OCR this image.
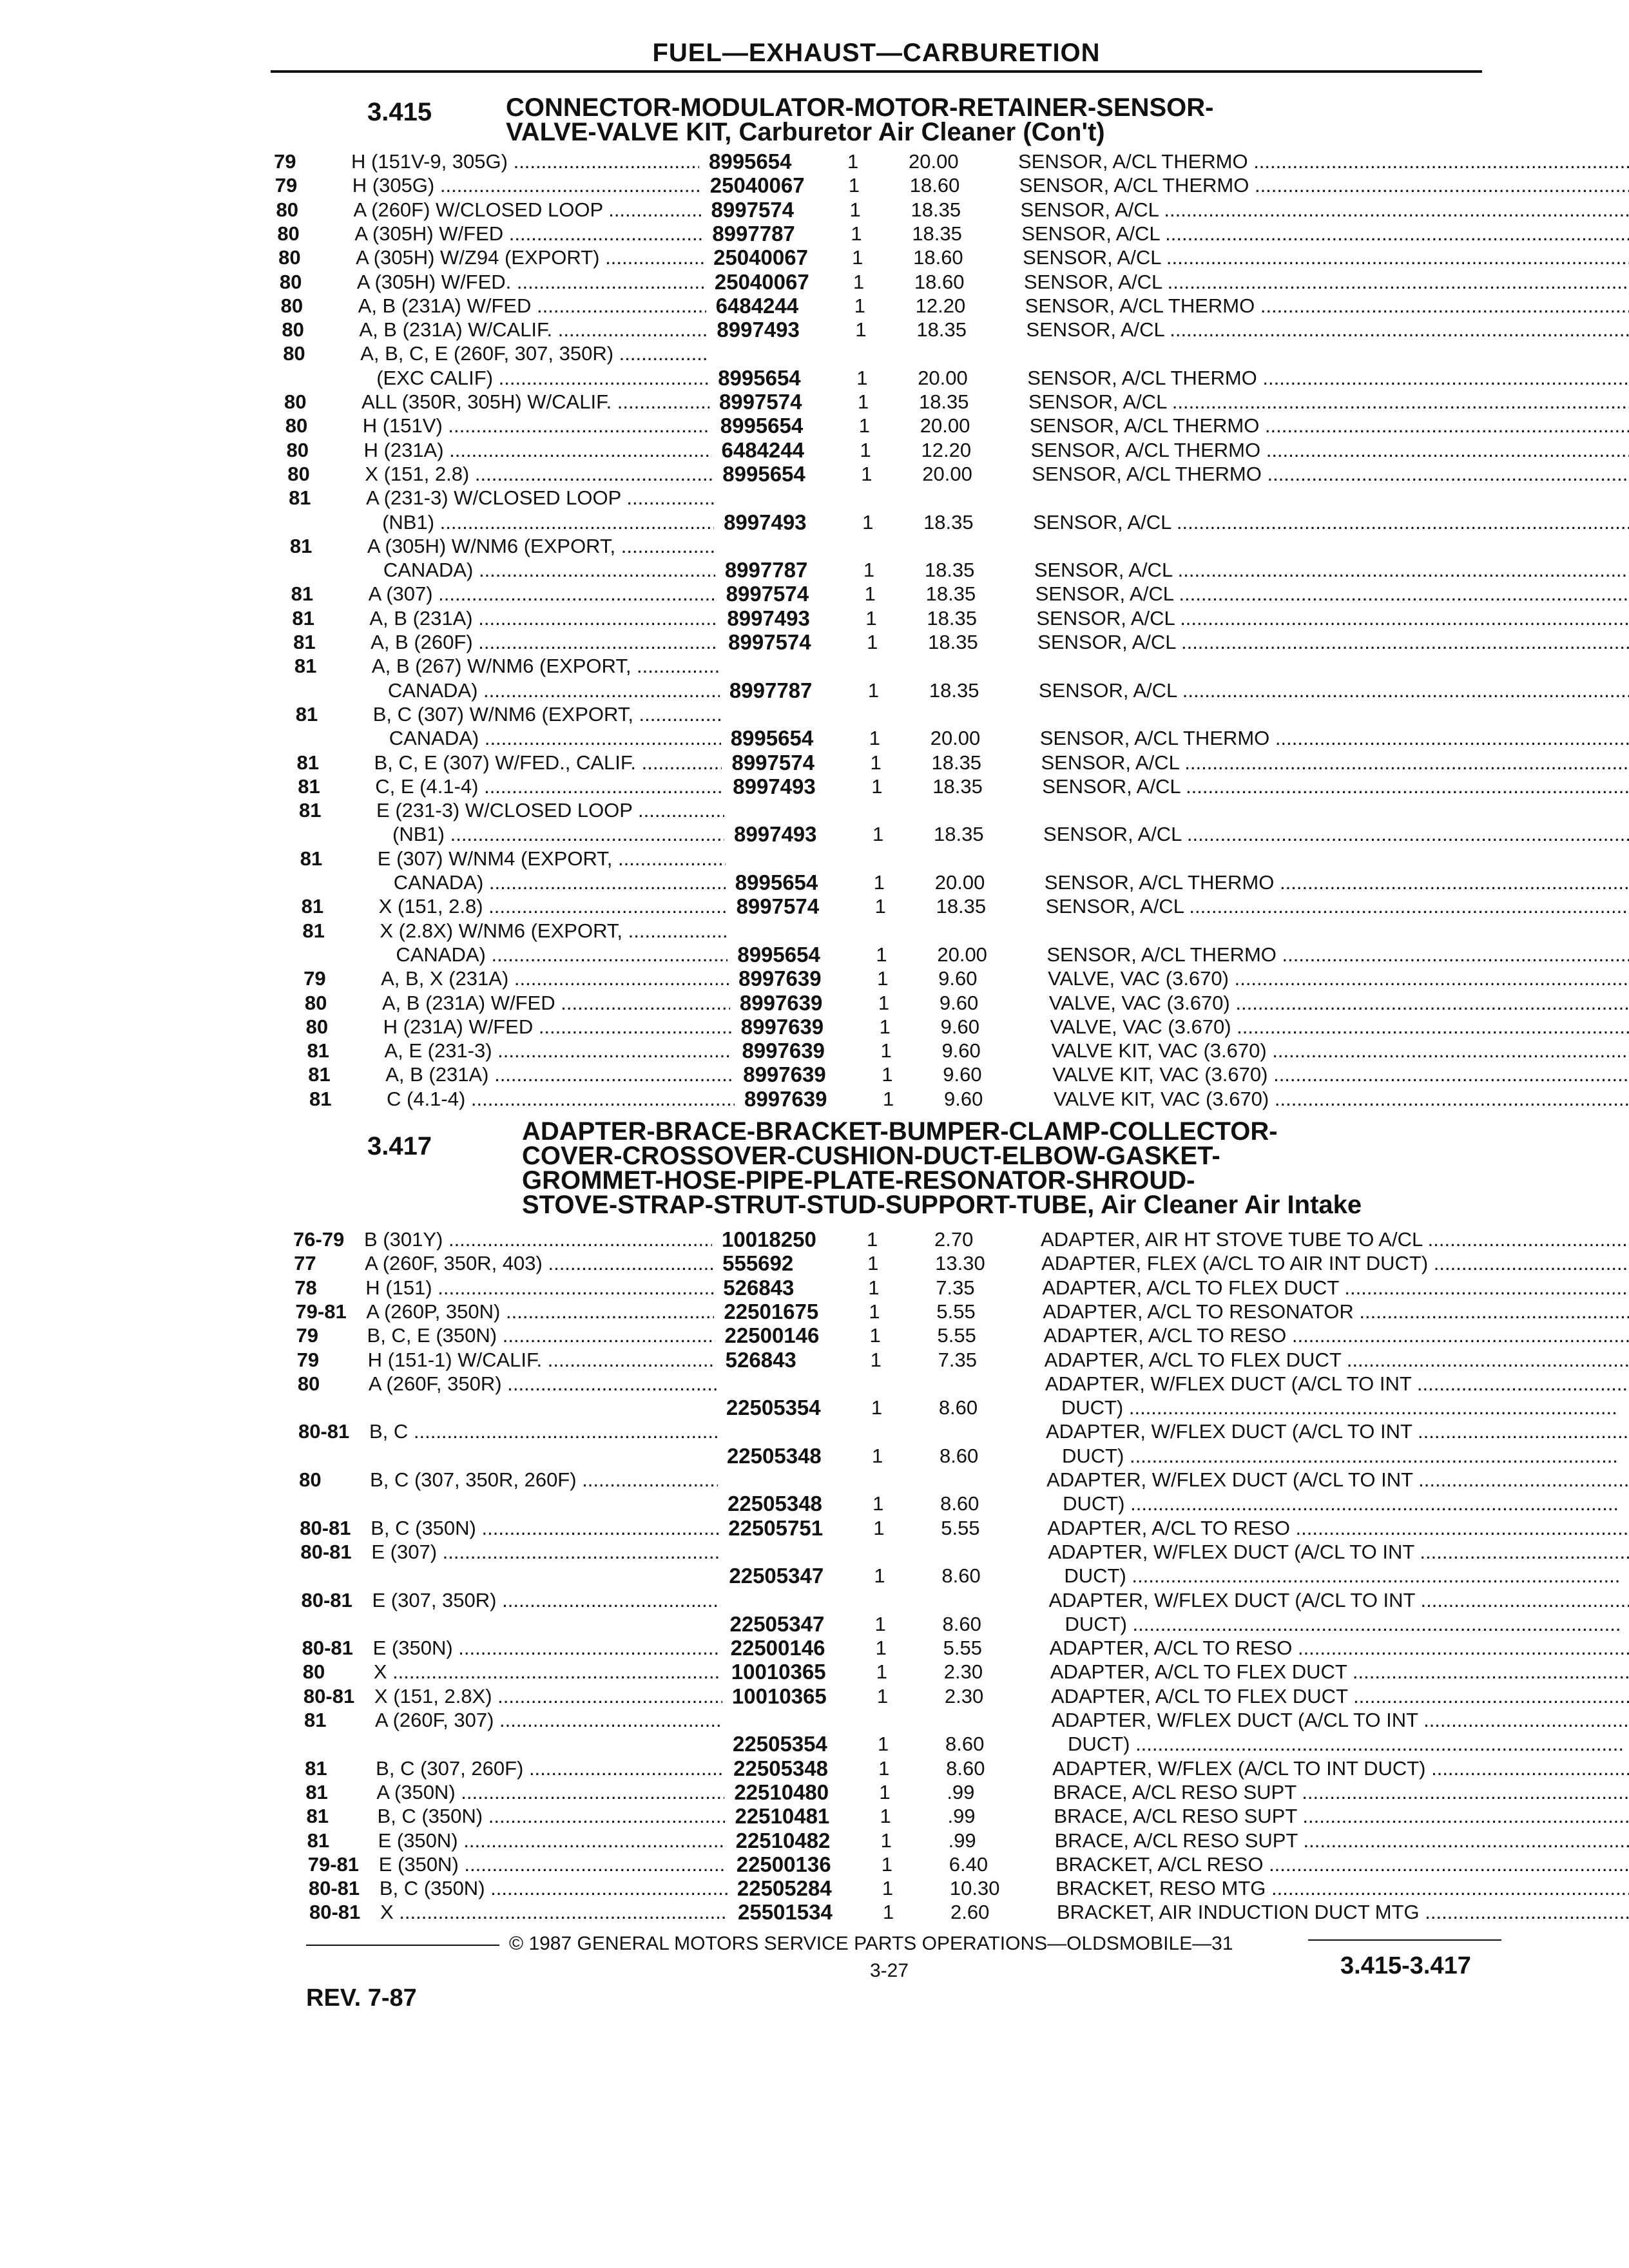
FUEL—EXHAUST—CARBURETION
3.415	CONNECTOR-MODULATOR-MOTOR-RETAINER-SENSOR-
VALVE-VALVE KIT, Carburetor Air Cleaner (Con't)
79	H (151V-9, 305G) .....	8995654	1	20.00	SENSOR, A/CL THERMO .....
79	H (305G) .....	25040067 1	18.60	SENSOR, A/CL THERMO .....
80	A (260F) W/CLOSED LOOP .....	8997574	1	18.35	SENSOR, A/CL .....
80	A (305H) W/FED .....	8997787	1	18.35	SENSOR, A/CL .....
80	A (305H) W/Z94 (EXPORT) .....	25040067 1	18.60	SENSOR, A/CL .....
80	A (305H) W/FED. .....	25040067 1	18.60	SENSOR, A/CL .....
80	A, B (231A) W/FED .....	6484244	1	12.20	SENSOR, A/CL THERMO .....
80	A, B (231A) W/CALIF. .....	8997493	1	18.35	SENSOR, A/CL .....
80	A, B, C, E (260F, 307, 350R) .....
(EXC CALIF) .....	8995654	1	20.00	SENSOR, A/CL THERMO .....
80	ALL (350R, 305H) W/CALIF. .....	8997574	1	18.35	SENSOR, A/CL .....
80	H (151V) .....	8995654	1	20.00	SENSOR, A/CL THERMO .....
80	H (231A) .....	6484244	1	12.20	SENSOR, A/CL THERMO .....
80	X (151, 2.8) .....	8995654	1	20.00	SENSOR, A/CL THERMO .....
81	A (231-3) W/CLOSED LOOP .....
(NB1) .....	8997493	1	18.35	SENSOR, A/CL .....
81	A (305H) W/NM6 (EXPORT, .....
CANADA) .....	8997787	1	18.35	SENSOR, A/CL .....
81	A (307) .....	8997574	1	18.35	SENSOR, A/CL .....
81	A, B (231A) .....	8997493	1	18.35	SENSOR, A/CL .....
81	A, B (260F) .....	8997574	1	18.35	SENSOR, A/CL .....
81	A, B (267) W/NM6 (EXPORT, .....
CANADA) .....	8997787	1	18.35	SENSOR, A/CL .....
81	B, C (307) W/NM6 (EXPORT, .....
CANADA) .....	8995654	1	20.00	SENSOR, A/CL THERMO .....
81	B, C, E (307) W/FED., CALIF. .....	8997574	1	18.35	SENSOR, A/CL .....
81	C, E (4.1-4) .....	8997493	1	18.35	SENSOR, A/CL .....
81	E (231-3) W/CLOSED LOOP .....
(NB1) .....	8997493	1	18.35	SENSOR, A/CL .....
81	E (307) W/NM4 (EXPORT, .....
CANADA) .....	8995654	1	20.00	SENSOR, A/CL THERMO .....
81	X (151, 2.8) .....	8997574	1	18.35	SENSOR, A/CL .....
81	X (2.8X) W/NM6 (EXPORT, .....
CANADA) .....	8995654	1	20.00	SENSOR, A/CL THERMO .....
79	A, B, X (231A) .....	8997639	1	9.60	VALVE, VAC (3.670) .....
80	A, B (231A) W/FED .....	8997639	1	9.60	VALVE, VAC (3.670) .....
80	H (231A) W/FED .....	8997639	1	9.60	VALVE, VAC (3.670) .....
81	A, E (231-3) .....	8997639	1	9.60	VALVE KIT, VAC (3.670) .....
81	A, B (231A) .....	8997639	1	9.60	VALVE KIT, VAC (3.670) .....
81	C (4.1-4) .....	8997639	1	9.60	VALVE KIT, VAC (3.670) .....
3.417
ADAPTER-BRACE-BRACKET-BUMPER-CLAMP-COLLECTOR-
COVER-CROSSOVER-CUSHION-DUCT-ELBOW-GASKET-
GROMMET-HOSE-PIPE-PLATE-RESONATOR-SHROUD-
STOVE-STRAP-STRUT-STUD-SUPPORT-TUBE, Air Cleaner Air Intake
76-79 B (301Y) .....	10018250	1	2.70	ADAPTER, AIR HT STOVE TUBE TO A/CL .....
77 A (260F, 350R, 403) .....	555692	1	13.30	ADAPTER, FLEX (A/CL TO AIR INT DUCT) .....
78 H (151) .....	526843	1	7.35	ADAPTER, A/CL TO FLEX DUCT .....
79-81 A (260P, 350N) .....	22501675	1	5.55	ADAPTER, A/CL TO RESONATOR .....
79 B, C, E (350N) .....	22500146	1	5.55	ADAPTER, A/CL TO RESO .....
79 H (151-1) W/CALIF. .....	526843	1	7.35	ADAPTER, A/CL TO FLEX DUCT .....
80 A (260F, 350R) .....	ADAPTER, W/FLEX DUCT (A/CL TO INT .....
22505354	1	8.60	DUCT) .....
80-81 B, C .....	ADAPTER, W/FLEX DUCT (A/CL TO INT .....
22505348	1	8.60	DUCT) .....
80 B, C (307, 350R, 260F) .....	ADAPTER, W/FLEX DUCT (A/CL TO INT .....
22505348	1	8.60	DUCT) .....
80-81 B, C (350N) .....	22505751	1	5.55	ADAPTER, A/CL TO RESO .....
80-81 E (307) .....	ADAPTER, W/FLEX DUCT (A/CL TO INT .....
22505347	1	8.60	DUCT) .....
80-81 E (307, 350R) .....	ADAPTER, W/FLEX DUCT (A/CL TO INT .....
22505347	1	8.60	DUCT) .....
80-81 E (350N) .....	22500146	1	5.55	ADAPTER, A/CL TO RESO .....
80 X .....	10010365	1	2.30	ADAPTER, A/CL TO FLEX DUCT .....
80-81 X (151, 2.8X) .....	10010365	1	2.30	ADAPTER, A/CL TO FLEX DUCT .....
81 A (260F, 307) .....	ADAPTER, W/FLEX DUCT (A/CL TO INT .....
22505354	1	8.60	DUCT) .....
81 B, C (307, 260F) .....	22505348	1	8.60	ADAPTER, W/FLEX (A/CL TO INT DUCT) .....
81 A (350N) .....	22510480	1	.99	BRACE, A/CL RESO SUPT .....
81 B, C (350N) .....	22510481	1	.99	BRACE, A/CL RESO SUPT .....
81 E (350N) .....	22510482	1	.99	BRACE, A/CL RESO SUPT .....
79-81 E (350N) .....	22500136	1	6.40	BRACKET, A/CL RESO .....
80-81 B, C (350N) .....	22505284	1	10.30	BRACKET, RESO MTG .....
80-81 X .....	25501534	1	2.60	BRACKET, AIR INDUCTION DUCT MTG .....
© 1987 GENERAL MOTORS SERVICE PARTS OPERATIONS—OLDSMOBILE—31
3-27
REV. 7-87
3.415-3.417
